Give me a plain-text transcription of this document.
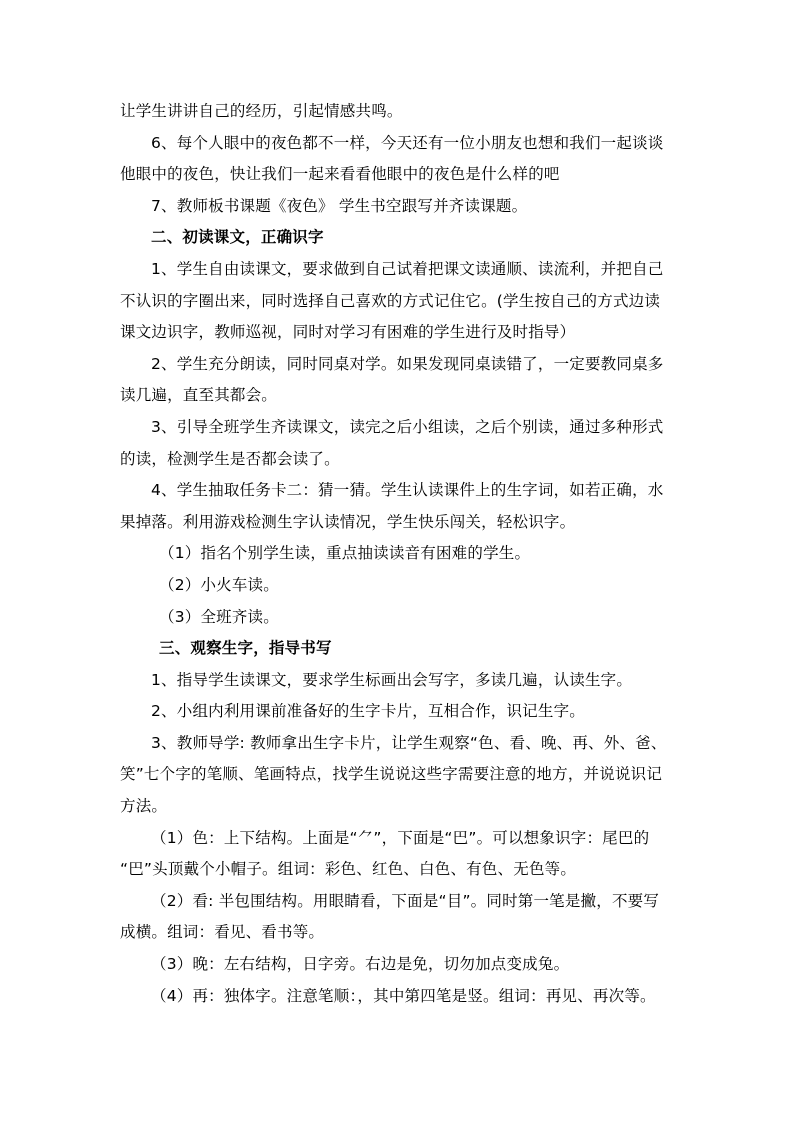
让学生讲讲自己的经历，引起情感共鸣。
6、每个人眼中的夜色都不一样，今天还有一位小朋友也想和我们一起谈谈
他眼中的夜色，快让我们一起来看看他眼中的夜色是什么样的吧
7、教师板书课题《夜色》 学生书空跟写并齐读课题。
二、初读课文，正确识字
1、学生自由读课文，要求做到自己试着把课文读通顺、读流利，并把自己
不认识的字圈出来，同时选择自己喜欢的方式记住它。(学生按自己的方式边读
课文边识字，教师巡视，同时对学习有困难的学生进行及时指导）
2、学生充分朗读，同时同桌对学。如果发现同桌读错了，一定要教同桌多
读几遍，直至其都会。
3、引导全班学生齐读课文，读完之后小组读，之后个别读，通过多种形式
的读，检测学生是否都会读了。
4、学生抽取任务卡二：猜一猜。学生认读课件上的生字词，如若正确，水
果掉落。利用游戏检测生字认读情况，学生快乐闯关，轻松识字。
（1）指名个别学生读，重点抽读读音有困难的学生。
（2）小火车读。
（3）全班齐读。
三、观察生字，指导书写
1、指导学生读课文，要求学生标画出会写字，多读几遍，认读生字。
2、小组内利用课前准备好的生字卡片，互相合作，识记生字。
3、教师导学: 教师拿出生字卡片，让学生观察“色、看、晚、再、外、爸、
笑”七个字的笔顺、笔画特点，找学生说说这些字需要注意的地方，并说说识记
方法。
（1）色：上下结构。上面是“⺈”，下面是“巴”。可以想象识字：尾巴的
“巴”头顶戴个小帽子。组词：彩色、红色、白色、有色、无色等。
（2）看: 半包围结构。用眼睛看，下面是“目”。同时第一笔是撇，不要写
成横。组词：看见、看书等。
（3）晚：左右结构，日字旁。右边是免，切勿加点变成兔。
（4）再：独体字。注意笔顺：，其中第四笔是竖。组词：再见、再次等。
